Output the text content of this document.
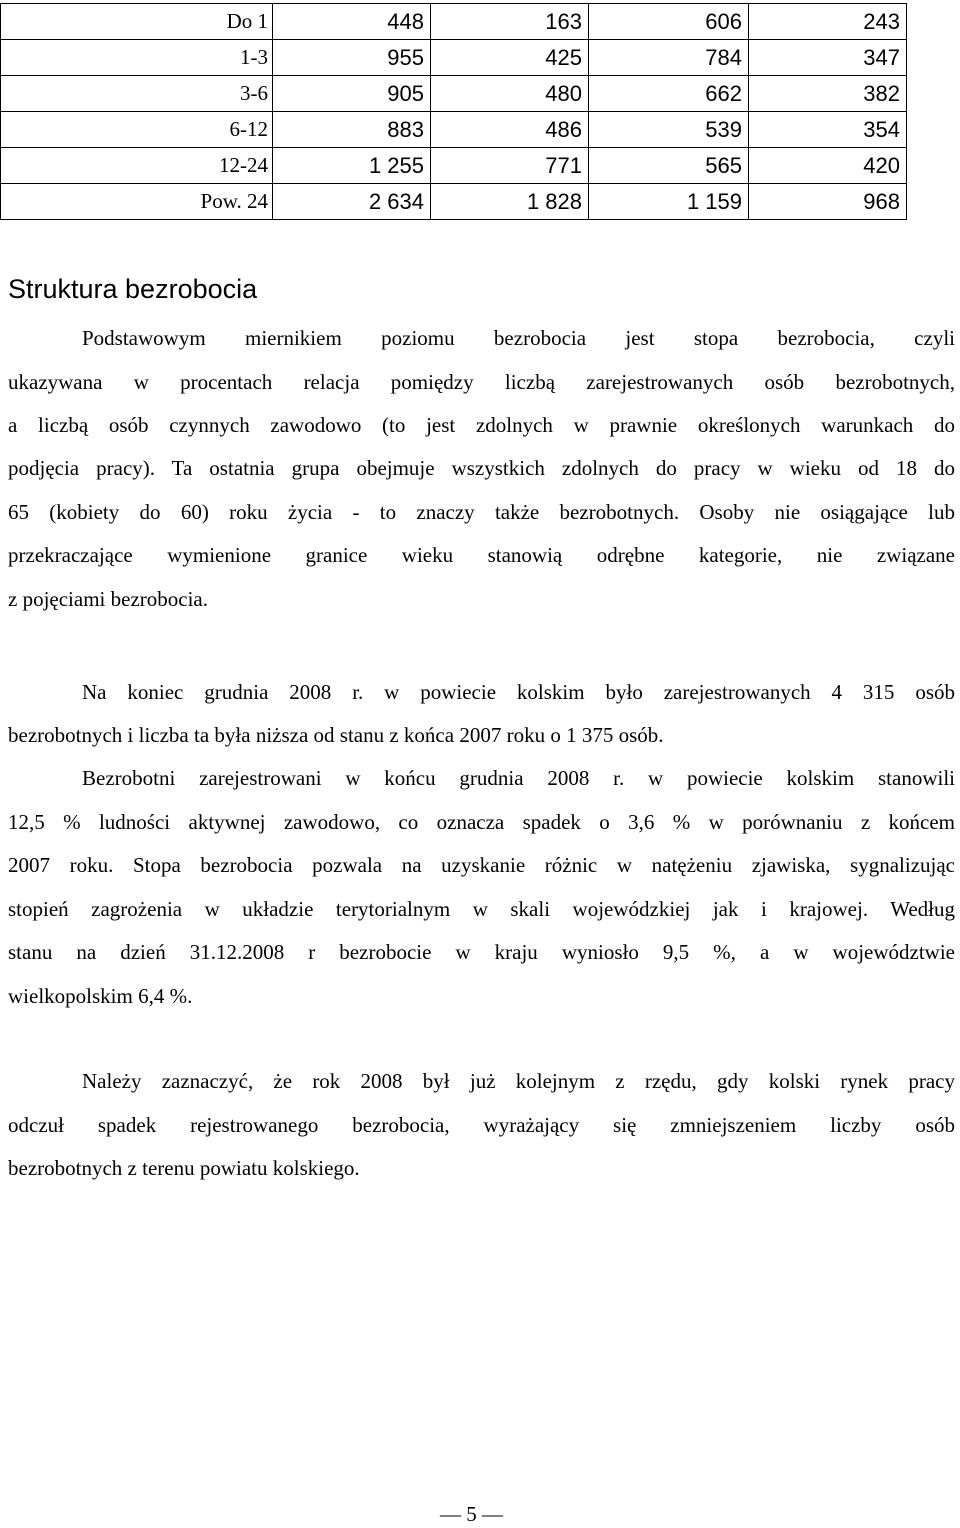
Do 1	448	163	606	243
1-3	955	425	784	347
3-6	905	480	662	382
6-12	883	486	539	354
12-24	1 255	771	565	420
Pow. 24	2 634	1 828	1 159	968
Struktura bezrobocia
Podstawowym miernikiem poziomu bezrobocia jest stopa bezrobocia, czyli
ukazywana w procentach relacja pomiędzy liczbą zarejestrowanych osób bezrobotnych,
a liczbą osób czynnych zawodowo (to jest zdolnych w prawnie określonych warunkach do
podjęcia pracy). Ta ostatnia grupa obejmuje wszystkich zdolnych do pracy w wieku od 18 do
65 (kobiety do 60) roku życia - to znaczy także bezrobotnych. Osoby nie osiągające lub
przekraczające wymienione granice wieku stanowią odrębne kategorie, nie związane
z pojęciami bezrobocia.
Na koniec grudnia 2008 r. w powiecie kolskim było zarejestrowanych 4 315 osób
bezrobotnych i liczba ta była niższa od stanu z końca 2007 roku o 1 375 osób.
Bezrobotni zarejestrowani w końcu grudnia 2008 r. w powiecie kolskim stanowili
12,5 % ludności aktywnej zawodowo, co oznacza spadek o 3,6 % w porównaniu z końcem
2007 roku. Stopa bezrobocia pozwala na uzyskanie różnic w natężeniu zjawiska, sygnalizując
stopień zagrożenia w układzie terytorialnym w skali wojewódzkiej jak i krajowej. Według
stanu na dzień 31.12.2008 r bezrobocie w kraju wyniosło 9,5 %, a w województwie
wielkopolskim 6,4 %.
Należy zaznaczyć, że rok 2008 był już kolejnym z rzędu, gdy kolski rynek pracy
odczuł spadek rejestrowanego bezrobocia, wyrażający się zmniejszeniem liczby osób
bezrobotnych z terenu powiatu kolskiego.
— 5 —
